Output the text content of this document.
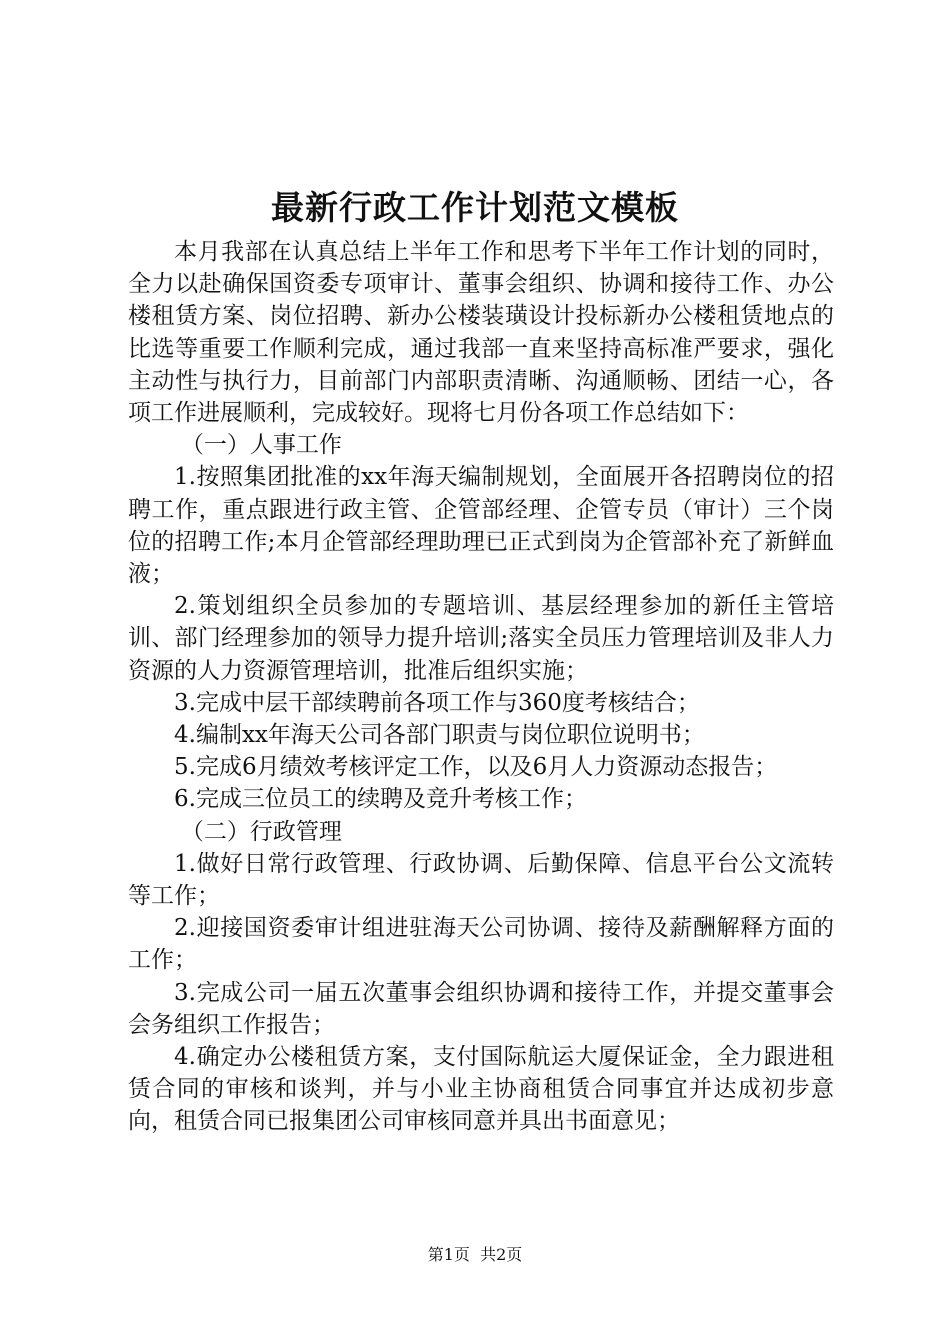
最新行政工作计划范文模板

本月我部在认真总结上半年工作和思考下半年工作计划的同时，全力以赴确保国资委专项审计、董事会组织、协调和接待工作、办公楼租赁方案、岗位招聘、新办公楼装璜设计投标新办公楼租赁地点的比选等重要工作顺利完成，通过我部一直来坚持高标准严要求，强化主动性与执行力，目前部门内部职责清晰、沟通顺畅、团结一心，各项工作进展顺利，完成较好。现将七月份各项工作总结如下：

（一）人事工作

1.按照集团批准的xx年海天编制规划，全面展开各招聘岗位的招聘工作，重点跟进行政主管、企管部经理、企管专员（审计）三个岗位的招聘工作;本月企管部经理助理已正式到岗为企管部补充了新鲜血液；

2.策划组织全员参加的专题培训、基层经理参加的新任主管培训、部门经理参加的领导力提升培训;落实全员压力管理培训及非人力资源的人力资源管理培训，批准后组织实施；

3.完成中层干部续聘前各项工作与360度考核结合；

4.编制xx年海天公司各部门职责与岗位职位说明书；

5.完成6月绩效考核评定工作，以及6月人力资源动态报告；

6.完成三位员工的续聘及竞升考核工作；

（二）行政管理

1.做好日常行政管理、行政协调、后勤保障、信息平台公文流转等工作；

2.迎接国资委审计组进驻海天公司协调、接待及薪酬解释方面的工作；

3.完成公司一届五次董事会组织协调和接待工作，并提交董事会会务组织工作报告；

4.确定办公楼租赁方案，支付国际航运大厦保证金，全力跟进租赁合同的审核和谈判，并与小业主协商租赁合同事宜并达成初步意向，租赁合同已报集团公司审核同意并具出书面意见；

第1页 共2页
